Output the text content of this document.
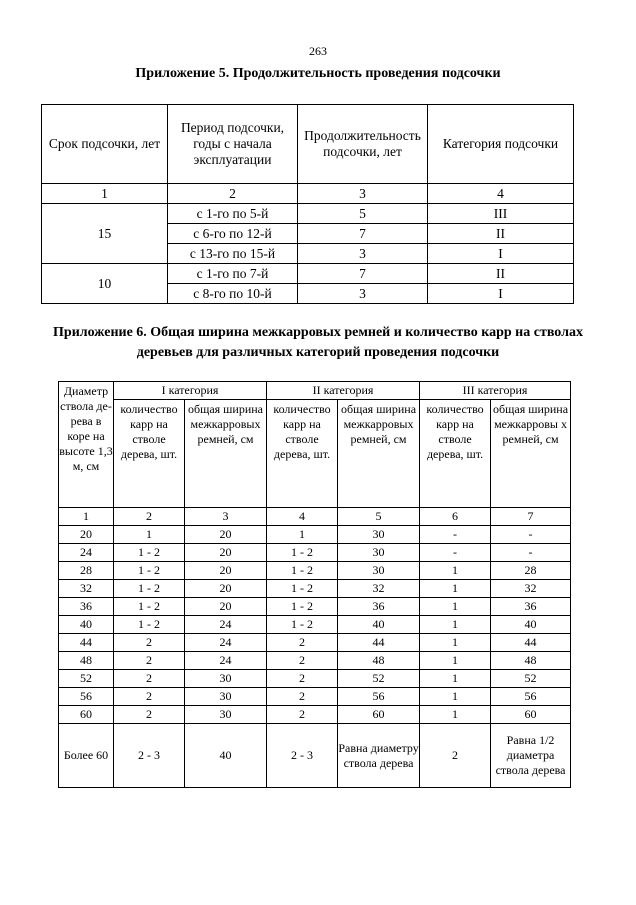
263
Приложение 5. Продолжительность проведения подсочки
Срок подсочки, лет	Период подсочки, годы с начала эксплуатации	Продолжительность подсочки, лет	Категория подсочки
1	2	3	4
15	с 1-го по 5-й	5	III
	с 6-го по 12-й	7	II
	с 13-го по 15-й	3	I
10	с 1-го по 7-й	7	II
	с 8-го по 10-й	3	I
Приложение 6. Общая ширина межкарровых ремней и количество карр на стволах деревьев для различных категорий проведения подсочки
Диаметр ствола де-рева в коре на высоте 1,3 м, см	I категория		II категория		III категория	
	количество карр на стволе дерева, шт.	общая ширина межкарровых ремней, см	количество карр на стволе дерева, шт.	общая ширина межкарровых ремней, см	количество карр на стволе дерева, шт.	общая ширина межкарровы х ремней, см
1	2	3	4	5	6	7
20	1	20	1	30	-	-
24	1 - 2	20	1 - 2	30	-	-
28	1 - 2	20	1 - 2	30	1	28
32	1 - 2	20	1 - 2	32	1	32
36	1 - 2	20	1 - 2	36	1	36
40	1 - 2	24	1 - 2	40	1	40
44	2	24	2	44	1	44
48	2	24	2	48	1	48
52	2	30	2	52	1	52
56	2	30	2	56	1	56
60	2	30	2	60	1	60
Более 60	2 - 3	40	2 - 3	Равна диаметру ствола дерева	2	Равна 1/2 диаметра ствола дерева
